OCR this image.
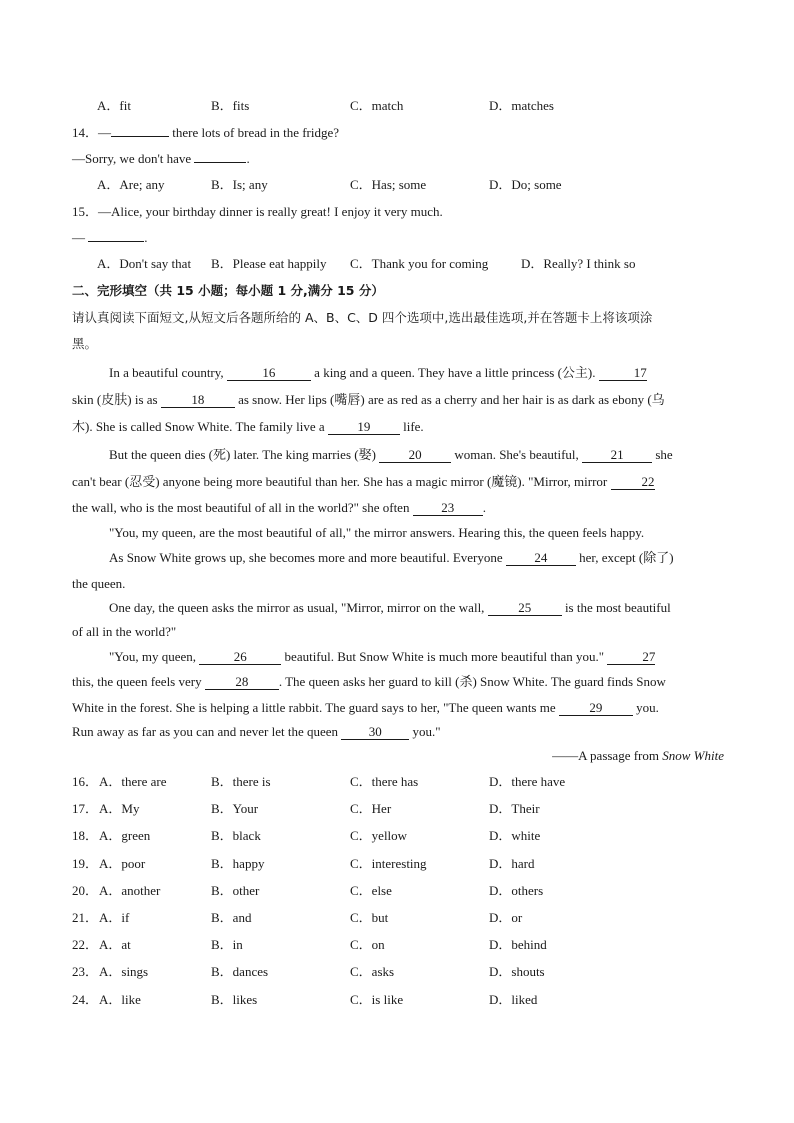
A．fit	B．fits	C．match	D．matches
14．—	there lots of bread in the fridge?
—Sorry, we don't have	.
A．Are; any	B．Is; any	C．Has; some	D．Do; some
15．—Alice, your birthday dinner is really great! I enjoy it very much.
—	.
A．Don't say that B．Please eat happily C．Thank you for coming	D．Really? I think so
二、完形填空（共 15 小题；每小题 1 分,满分 15 分）
请认真阅读下面短文,从短文后各题所给的 A、B、C、D 四个选项中,选出最佳选项,并在答题卡上将该项涂
黑。
In a beautiful country,	16	a king and a queen. They have a little princess (公主).	17
skin (皮肤) is as 18 as snow. Her lips (嘴唇) are as red as a cherry and her hair is as dark as ebony (乌
木). She is called Snow White. The family live a 19 life.
But the queen dies (死) later. The king marries (娶) 20 woman. She's beautiful, 21 she
can't bear (忍受) anyone being more beautiful than her. She has a magic mirror (魔镜). "Mirror, mirror 22
the wall, who is the most beautiful of all in the world?" she often 23 .
"You, my queen, are the most beautiful of all," the mirror answers. Hearing this, the queen feels happy.
As Snow White grows up, she becomes more and more beautiful. Everyone 24 her, except (除了)
the queen.
One day, the queen asks the mirror as usual, "Mirror, mirror on the wall, 25 is the most beautiful
of all in the world?"
"You, my queen,	26	beautiful. But Snow White is much more beautiful than you."	27
this, the queen feels very 28 . The queen asks her guard to kill (杀) Snow White. The guard finds Snow
White in the forest. She is helping a little rabbit. The guard says to her, "The queen wants me 29 you.
Run away as far as you can and never let the queen 30 you."
——A passage from Snow White
16． A．there are	B．there is	C．there has	D．there have
17． A．My	B．Your	C．Her	D．Their
18． A．green	B．black	C．yellow	D．white
19． A．poor	B．happy	C．interesting	D．hard
20． A．another	B．other	C．else	D．others
21． A．if	B．and	C．but	D．or
22． A．at	B．in	C．on	D．behind
23． A．sings	B．dances	C．asks	D．shouts
24． A．like	B．likes	C．is like	D．liked
